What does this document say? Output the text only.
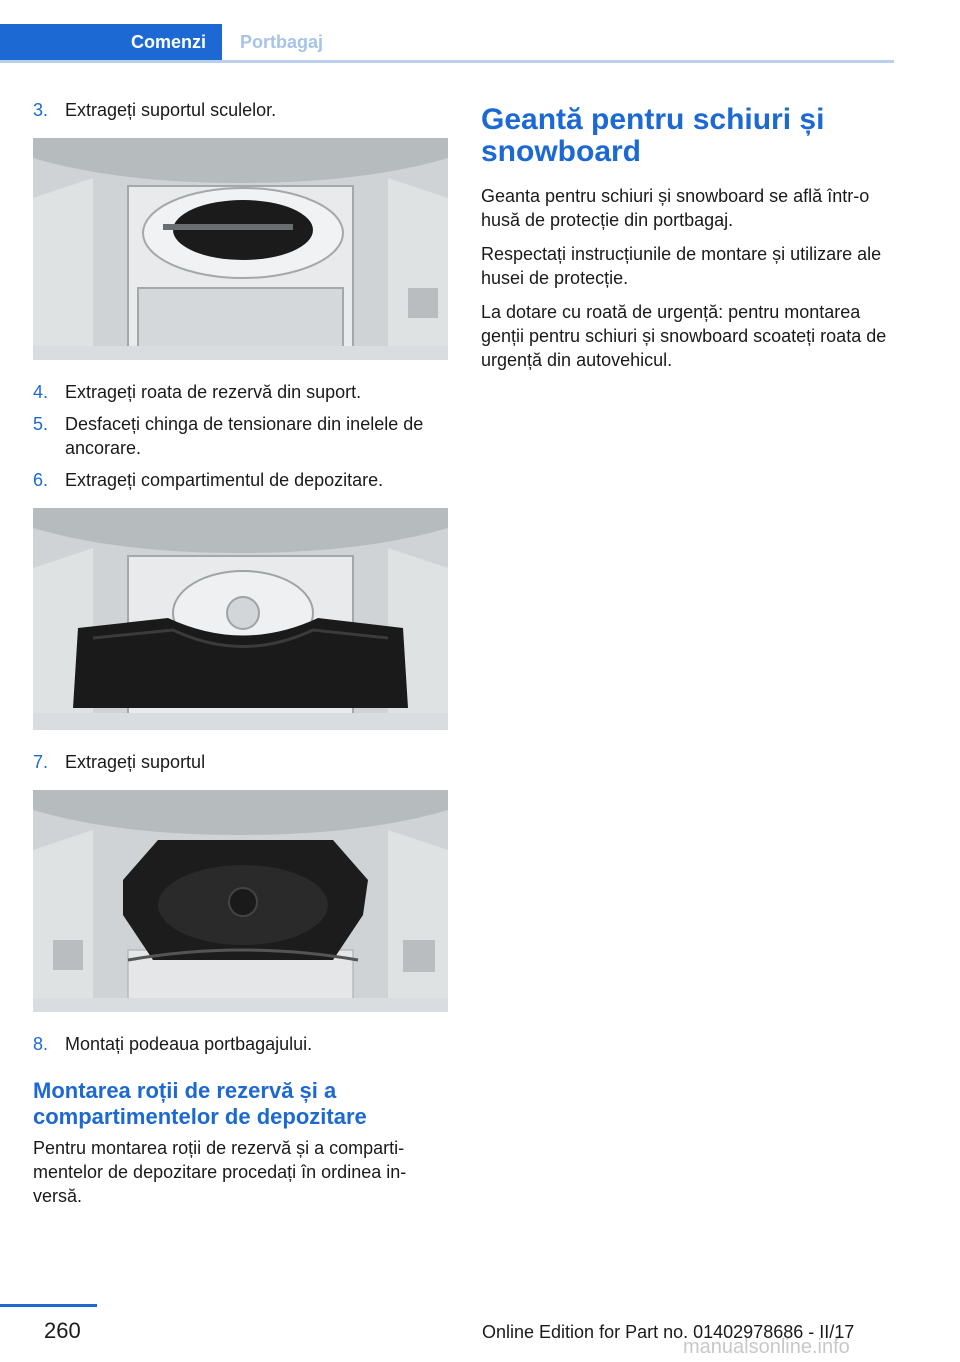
Comenzi	Portbagaj
3. Extrageți suportul sculelor.
4. Extrageți roata de rezervă din suport.
5. Desfaceți chinga de tensionare din inelele de ancorare.
6. Extrageți compartimentul de depozitare.
7. Extrageți suportul
8. Montați podeaua portbagajului.
Montarea roții de rezervă și a compartimentelor de depozitare
Pentru montarea roții de rezervă și a compartimentelor de depozitare procedați în ordinea inversă.
Geantă pentru schiuri și snowboard
Geanta pentru schiuri și snowboard se află într-o husă de protecție din portbagaj.
Respectați instrucțiunile de montare și utilizare ale husei de protecție.
La dotare cu roată de urgență: pentru montarea genții pentru schiuri și snowboard scoateți roata de urgență din autovehicul.
260	Online Edition for Part no. 01402978686 - II/17
manualsonline.info
